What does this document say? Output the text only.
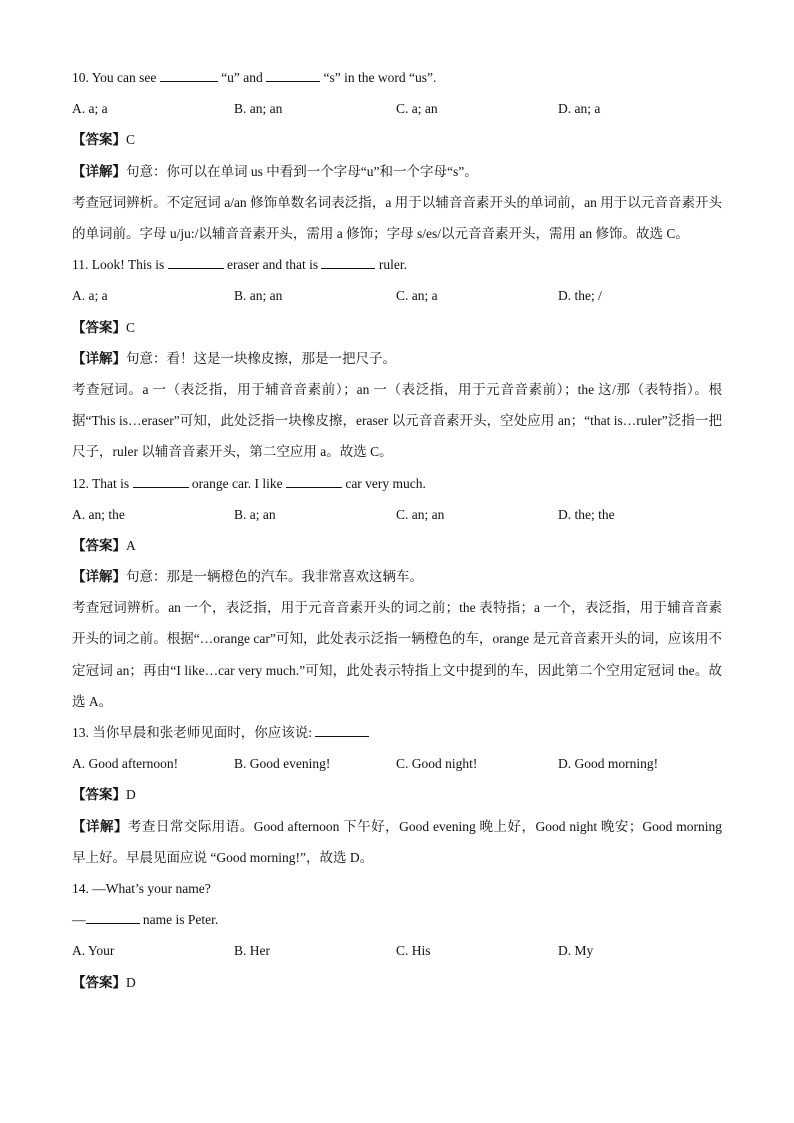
10. You can see	“u” and	“s” in the word “us”.
A. a; a	B. an; an	C. a; an	D. an; a
【答案】C
【详解】句意：你可以在单词 us 中看到一个字母“u”和一个字母“s”。
考查冠词辨析。不定冠词 a/an 修饰单数名词表泛指，a 用于以辅音音素开头的单词前，an 用于以元音音素开头的单词前。字母 u/ju:/以辅音音素开头，需用 a 修饰；字母 s/es/以元音音素开头，需用 an 修饰。故选 C。
11. Look! This is	eraser and that is	ruler.
A. a; a	B. an; an	C. an; a	D. the; /
【答案】C
【详解】句意：看！这是一块橡皮擦，那是一把尺子。
考查冠词。a 一（表泛指，用于辅音音素前）；an 一（表泛指，用于元音音素前）；the 这/那（表特指）。根据“This is…eraser”可知，此处泛指一块橡皮擦，eraser 以元音音素开头，空处应用 an；“that is…ruler”泛指一把尺子，ruler 以辅音音素开头，第二空应用 a。故选 C。
12. That is	orange car. I like	car very much.
A. an; the	B. a; an	C. an; an	D. the; the
【答案】A
【详解】句意：那是一辆橙色的汽车。我非常喜欢这辆车。
考查冠词辨析。an 一个，表泛指，用于元音音素开头的词之前；the 表特指；a 一个，表泛指，用于辅音音素开头的词之前。根据“…orange car”可知，此处表示泛指一辆橙色的车，orange 是元音音素开头的词，应该用不定冠词 an；再由“I like…car very much.”可知，此处表示特指上文中提到的车，因此第二个空用定冠词 the。故选 A。
13. 当你早晨和张老师见面时，你应该说:
A. Good afternoon!	B. Good evening!	C. Good night!	D. Good morning!
【答案】D
【详解】考查日常交际用语。Good afternoon 下午好，Good evening 晚上好，Good night 晚安；Good morning 早上好。早晨见面应说 “Good morning!”，故选 D。
14. —What’s your name?
—	name is Peter.
A. Your	B. Her	C. His	D. My
【答案】D
